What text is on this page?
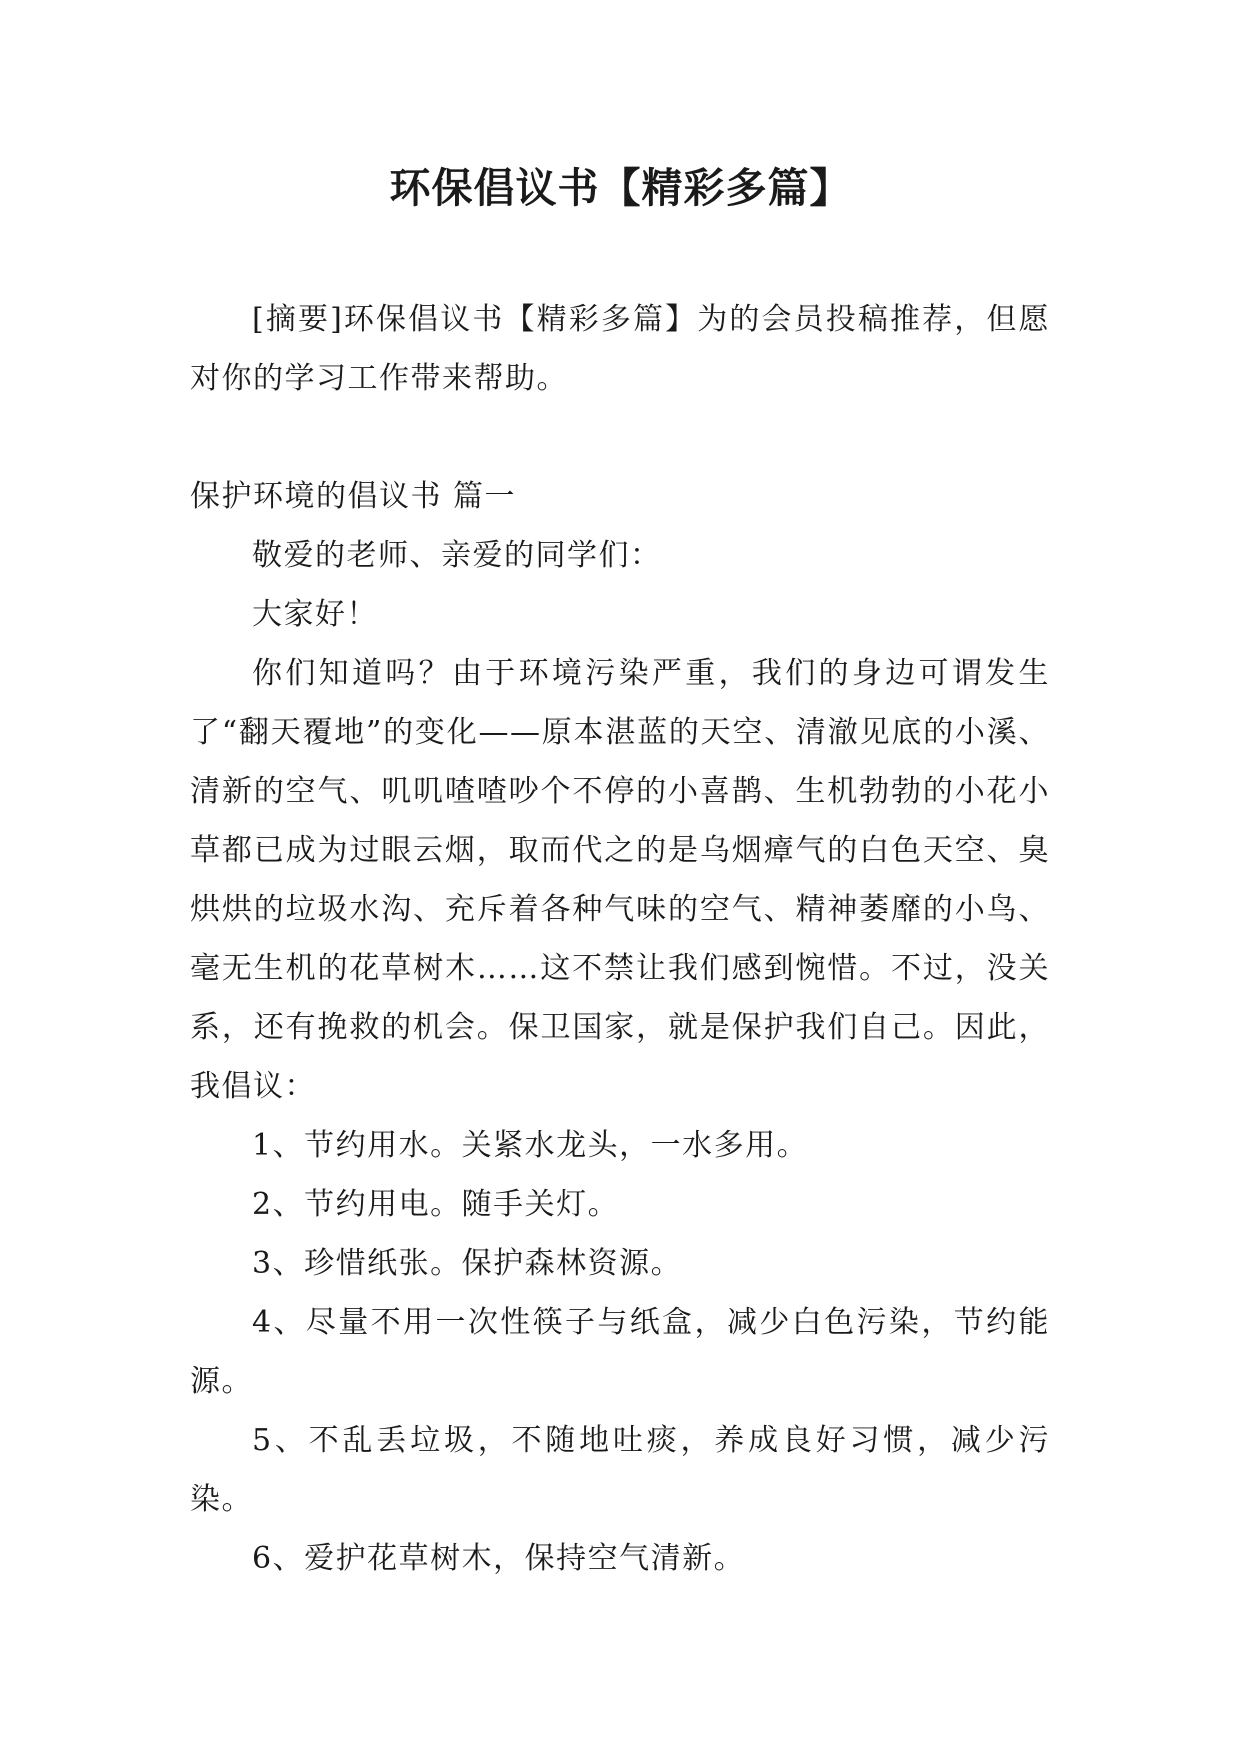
环保倡议书【精彩多篇】

[摘要]环保倡议书【精彩多篇】为的会员投稿推荐，但愿对你的学习工作带来帮助。

保护环境的倡议书 篇一

敬爱的老师、亲爱的同学们：

大家好！

你们知道吗？由于环境污染严重，我们的身边可谓发生了“翻天覆地”的变化——原本湛蓝的天空、清澈见底的小溪、清新的空气、叽叽喳喳吵个不停的小喜鹊、生机勃勃的小花小草都已成为过眼云烟，取而代之的是乌烟瘴气的白色天空、臭烘烘的垃圾水沟、充斥着各种气味的空气、精神萎靡的小鸟、毫无生机的花草树木……这不禁让我们感到惋惜。不过，没关系，还有挽救的机会。保卫国家，就是保护我们自己。因此，我倡议：

1、节约用水。关紧水龙头，一水多用。

2、节约用电。随手关灯。

3、珍惜纸张。保护森林资源。

4、尽量不用一次性筷子与纸盒，减少白色污染，节约能源。

5、不乱丢垃圾，不随地吐痰，养成良好习惯，减少污染。

6、爱护花草树木，保持空气清新。
